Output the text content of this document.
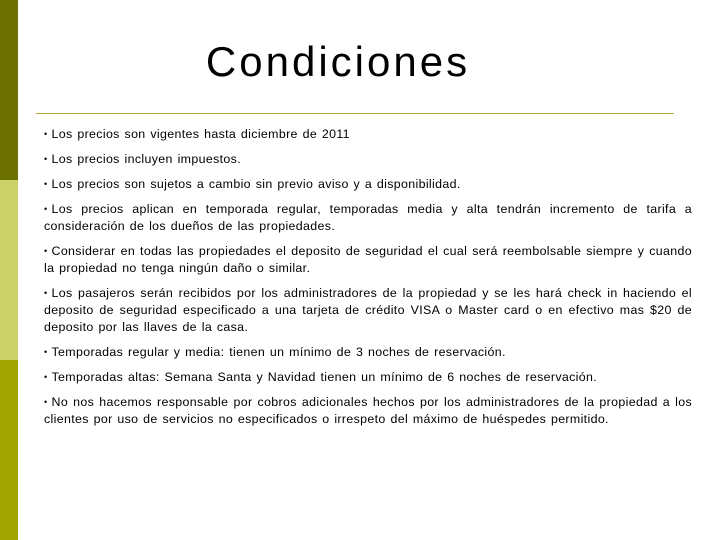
Condiciones
• Los precios son vigentes hasta diciembre de 2011
• Los precios incluyen impuestos.
• Los precios son sujetos a cambio sin previo aviso y a disponibilidad.
• Los precios aplican en temporada regular, temporadas media y alta tendrán incremento de tarifa a consideración de los dueños de las propiedades.
• Considerar en todas las propiedades el deposito de seguridad el cual será reembolsable siempre y cuando la propiedad no tenga ningún daño o similar.
• Los pasajeros serán recibidos por los administradores de la propiedad y se les hará check in haciendo el deposito de seguridad especificado a una tarjeta de crédito VISA o Master card o en efectivo mas $20 de deposito por las llaves de la casa.
• Temporadas regular y media: tienen un mínimo de 3 noches de reservación.
• Temporadas altas: Semana Santa y Navidad tienen un mínimo de 6 noches de reservación.
• No nos hacemos responsable por cobros adicionales hechos por los administradores de la propiedad a los clientes por uso de servicios no especificados o irrespeto del máximo de huéspedes permitido.
